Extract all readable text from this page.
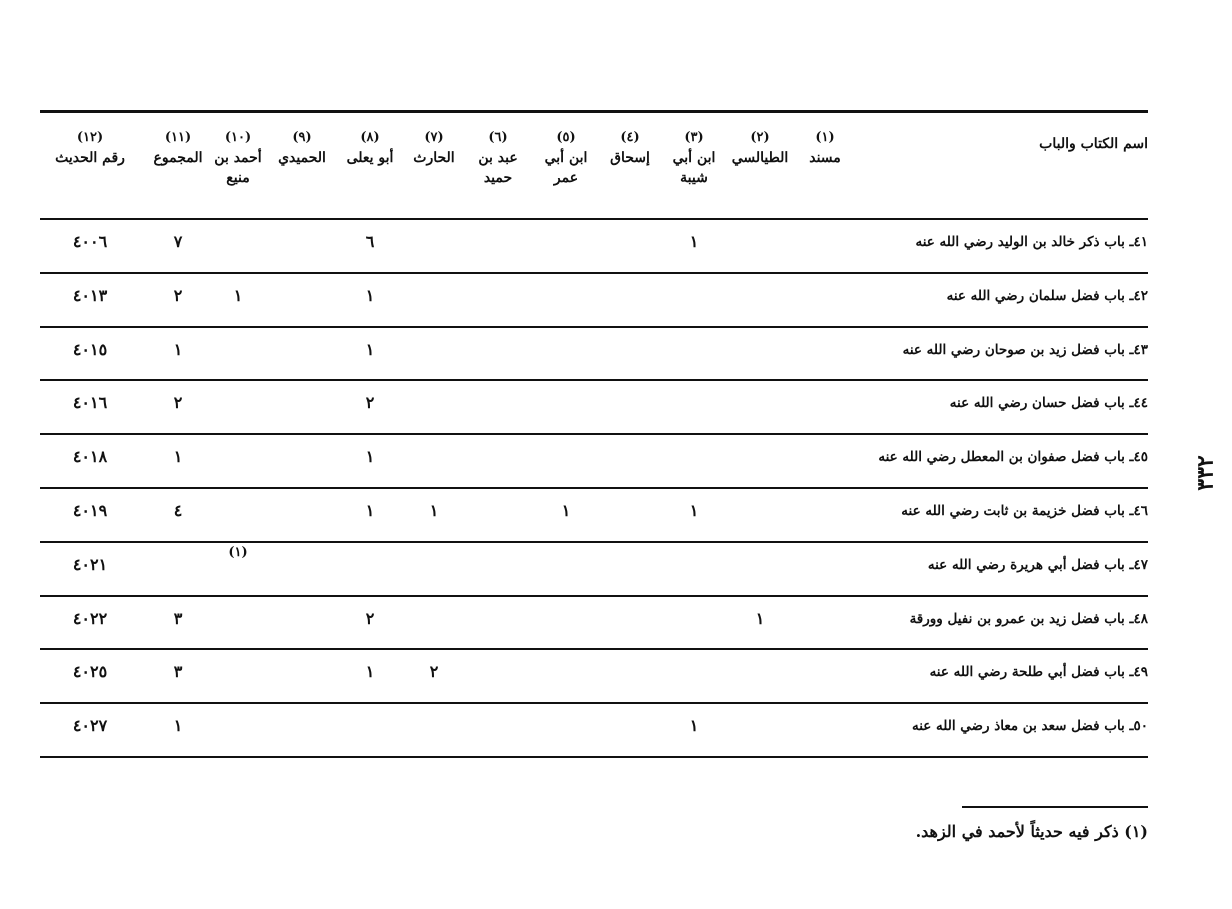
٣٣٢
اسم الكتاب والباب
(١)
مسند
(٢)
الطيالسي
(٣)
ابن أبي شيبة
(٤)
إسحاق
(٥)
ابن أبي عمر
(٦)
عبد بن حميد
(٧)
الحارث
(٨)
أبو يعلى
(٩)
الحميدي
(١٠)
أحمد بن منيع
(١١)
المجموع
(١٢)
رقم الحديث
٤١ـ باب ذكر خالد بن الوليد رضي الله عنه
١
٦
٧
٤٠٠٦
٤٢ـ باب فضل سلمان رضي الله عنه
١
١
٢
٤٠١٣
٤٣ـ باب فضل زيد بن صوحان رضي الله عنه
١
١
٤٠١٥
٤٤ـ باب فضل حسان رضي الله عنه
٢
٢
٤٠١٦
٤٥ـ باب فضل صفوان بن المعطل رضي الله عنه
١
١
٤٠١٨
٤٦ـ باب فضل خزيمة بن ثابت رضي الله عنه
١
١
١
١
٤
٤٠١٩
٤٧ـ باب فضل أبي هريرة رضي الله عنه
(١)
٤٠٢١
٤٨ـ باب فضل زيد بن عمرو بن نفيل وورقة
١
٢
٣
٤٠٢٢
٤٩ـ باب فضل أبي طلحة رضي الله عنه
٢
١
٣
٤٠٢٥
٥٠ـ باب فضل سعد بن معاذ رضي الله عنه
١
١
٤٠٢٧
(١) ذكر فيه حديثاً لأحمد في الزهد.
